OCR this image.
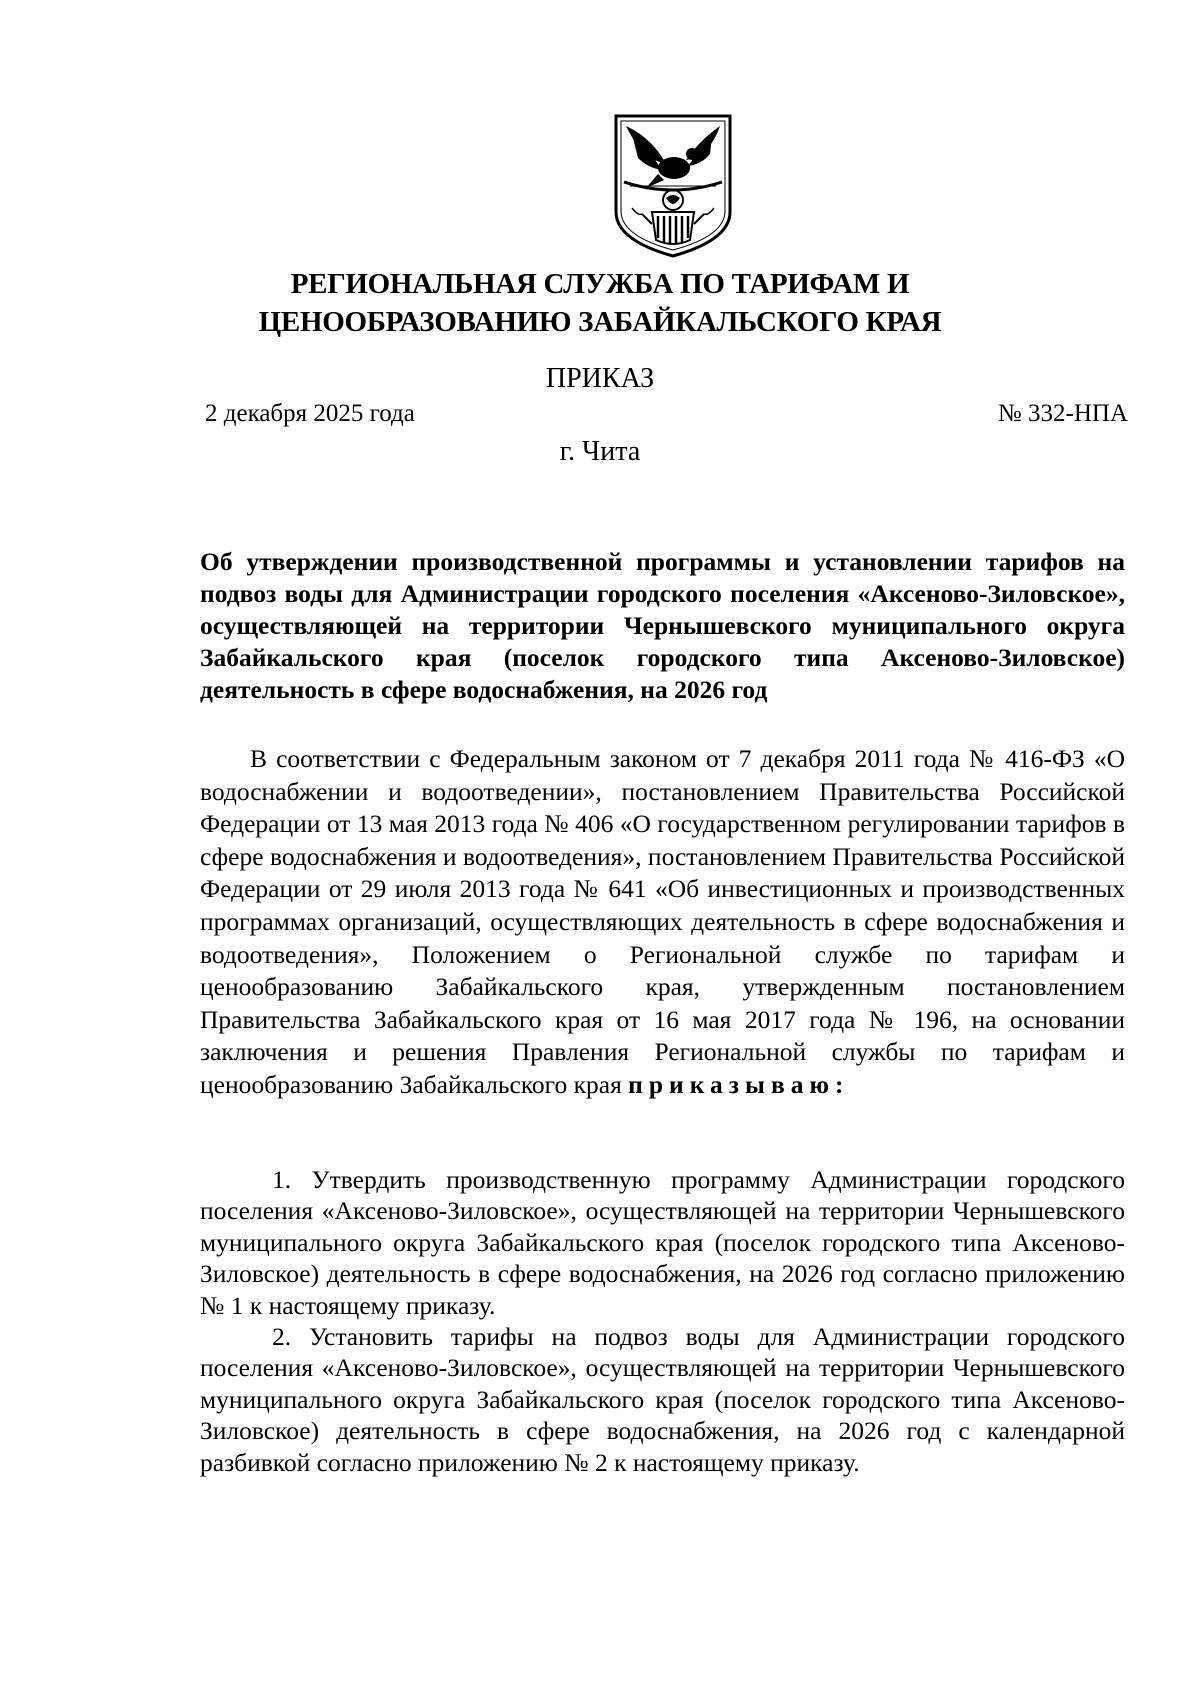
РЕГИОНАЛЬНАЯ СЛУЖБА ПО ТАРИФАМ И
ЦЕНООБРАЗОВАНИЮ ЗАБАЙКАЛЬСКОГО КРАЯ
ПРИКАЗ
2 декабря 2025 года	№ 332-НПА
г. Чита
Об утверждении производственной программы и установлении тарифов на подвоз воды для Администрации городского поселения «Аксеново-Зиловское», осуществляющей на территории Чернышевского муниципального округа Забайкальского края (поселок городского типа Аксеново-Зиловское) деятельность в сфере водоснабжения, на 2026 год

В соответствии с Федеральным законом от 7 декабря 2011 года № 416-ФЗ «О водоснабжении и водоотведении», постановлением Правительства Российской Федерации от 13 мая 2013 года № 406 «О государственном регулировании тарифов в сфере водоснабжения и водоотведения», постановлением Правительства Российской Федерации от 29 июля 2013 года № 641 «Об инвестиционных и производственных программах организаций, осуществляющих деятельность в сфере водоснабжения и водоотведения», Положением о Региональной службе по тарифам и ценообразованию Забайкальского края, утвержденным постановлением Правительства Забайкальского края от 16 мая 2017 года № 196, на основании заключения и решения Правления Региональной службы по тарифам и ценообразованию Забайкальского края приказываю:

1. Утвердить производственную программу Администрации городского поселения «Аксеново-Зиловское», осуществляющей на территории Чернышевского муниципального округа Забайкальского края (поселок городского типа Аксеново-Зиловское) деятельность в сфере водоснабжения, на 2026 год согласно приложению № 1 к настоящему приказу.

2. Установить тарифы на подвоз воды для Администрации городского поселения «Аксеново-Зиловское», осуществляющей на территории Чернышевского муниципального округа Забайкальского края (поселок городского типа Аксеново-Зиловское) деятельность в сфере водоснабжения, на 2026 год с календарной разбивкой согласно приложению № 2 к настоящему приказу.
